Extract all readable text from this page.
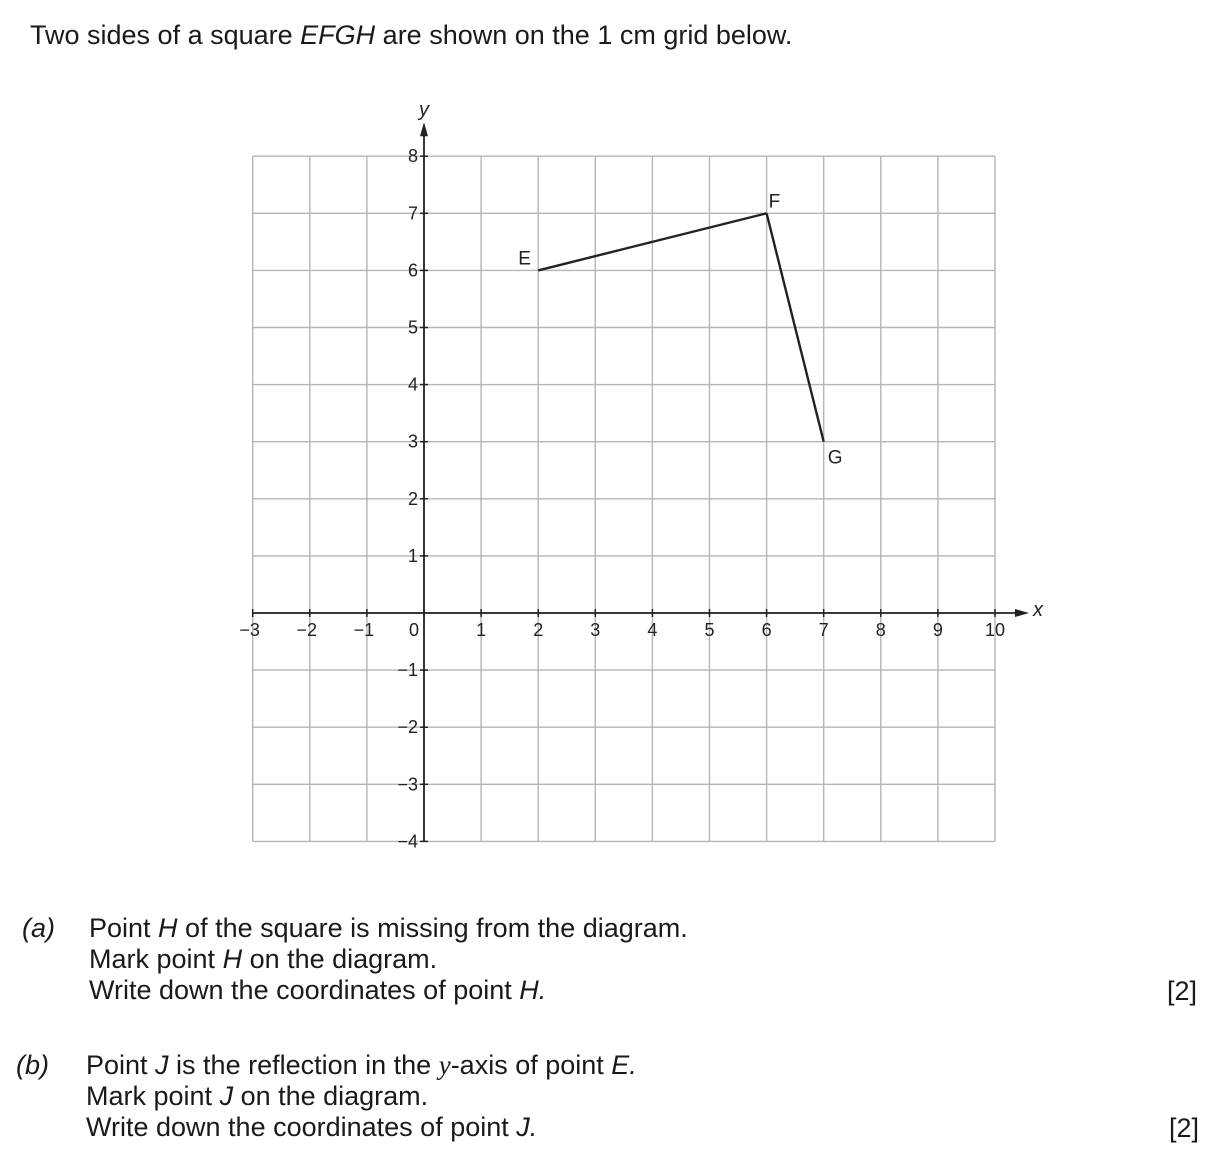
Two sides of a square EFGH are shown on the 1 cm grid below.
x
y
−3 −2 −1 0	1	2	3	4	5	6	7	8	9 10
−4
−3
−2
−1
1
2
3
4
5
6
7
8
E
F
G
(a) Point H of the square is missing from the diagram.
Mark point H on the diagram.
Write down the coordinates of point H.	[2]
(b) Point J is the reflection in the y-axis of point E.
Mark point J on the diagram.
Write down the coordinates of point J.	[2]
